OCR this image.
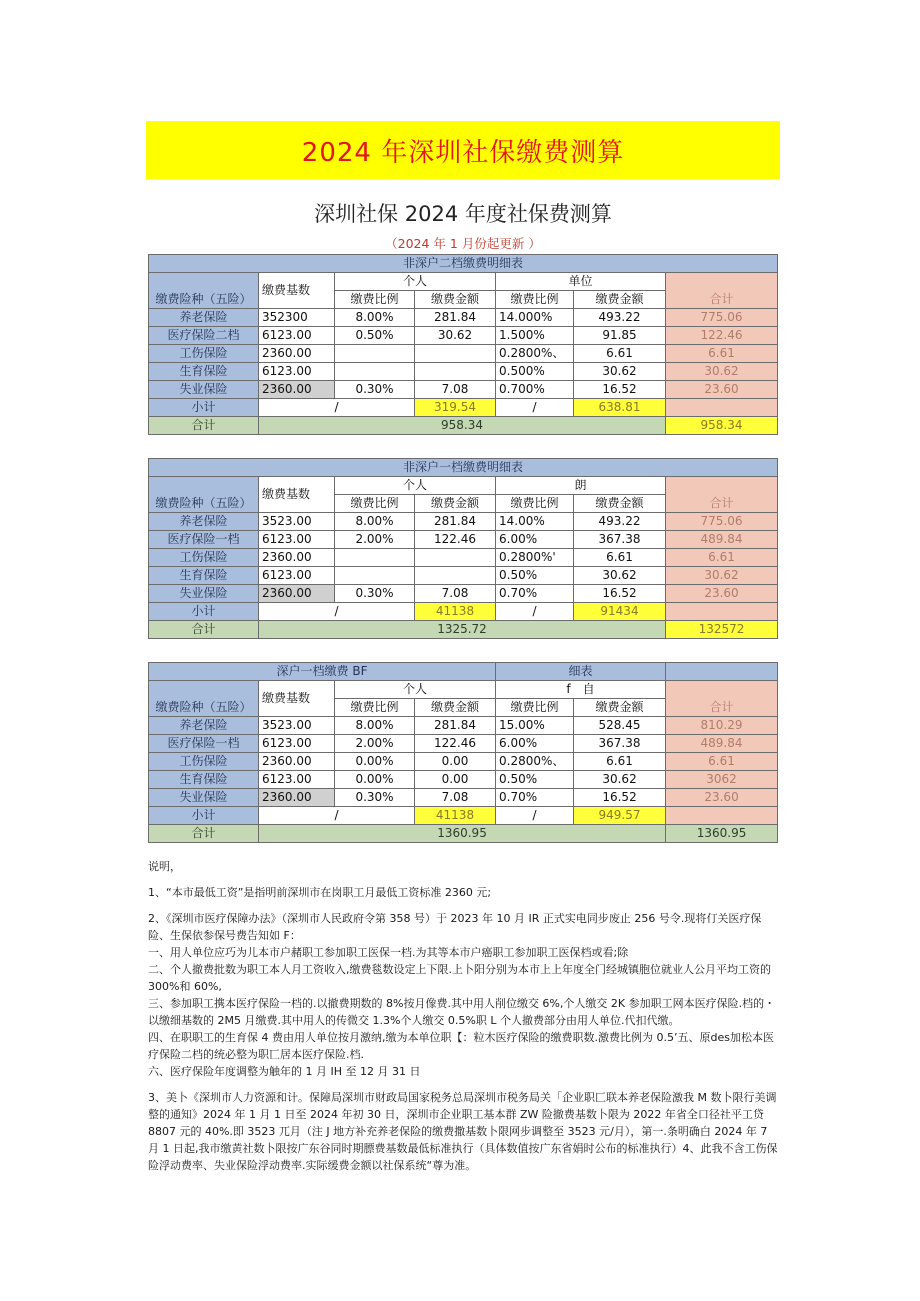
2024 年深圳社保缴费测算
深圳社保 2024 年度社保费测算
（2024 年 1 月份起更新 ）
非深户二档缴费明细表						
缴费险种（五险）	缴费基数	个人		单位		合计
		缴费比例	缴费金额	缴费比例	缴费金额	
养老保险	352300	8.00%	281.84	14.000%	493.22	775.06
医疗保险二档	6123.00	0.50%	30.62	1.500%	91.85	122.46
工伤保险	2360.00			0.2800%、	6.61	6.61
生育保险	6123.00			0.500%	30.62	30.62
失业保险	2360.00	0.30%	7.08	0.700%	16.52	23.60
小计	/		319.54	/	638.81	
合计	958.34					958.34
非深户一档缴费明细表						
缴费险种（五险）	缴费基数	个人		朗		合计
		缴费比例	缴费金额	缴费比例	缴费金额	
养老保险	3523.00	8.00%	281.84	14.00%	493.22	775.06
医疗保险一档	6123.00	2.00%	122.46	6.00%	367.38	489.84
工伤保险	2360.00			0.2800%'	6.61	6.61
生育保险	6123.00			0.50%	30.62	30.62
失业保险	2360.00	0.30%	7.08	0.70%	16.52	23.60
小计	/		41138	/	91434	
合计	1325.72					132572
深户一档缴费 BF				细表		
缴费险种（五险）	缴费基数	个人		f　自		合计
		缴费比例	缴费金额	缴费比例	缴费金额	
养老保险	3523.00	8.00%	281.84	15.00%	528.45	810.29
医疗保险一档	6123.00	2.00%	122.46	6.00%	367.38	489.84
工伤保险	2360.00	0.00%	0.00	0.2800%、	6.61	6.61
生育保险	6123.00	0.00%	0.00	0.50%	30.62	3062
失业保险	2360.00	0.30%	7.08	0.70%	16.52	23.60
小计	/		41138	/	949.57	
合计	1360.95					1360.95

说明，

1、“本市最低工资”是指明前深圳市在岗职工月最低工资标准 2360 元;

2、《深圳市医疗保障办法》（深圳市人民政府令第 358 号）于 2023 年 10 月 IR 正式实电同步废止 256 号令.现将仃关医疗保险、生保依参保号费告知如 F：

一、用人单位应巧为儿本市户赭职工参加职工医保一档.为其等本市户癌职工参加职工医保档或看;除

二、个人撤费批数为职工本人月工资收入,缴费毯数设定上下限.上卜阳分别为本市上上年度全门经城镇胞位就业人公月平均工资的 300%和 60%,

三、参加职工携本医疗保险一档的.以撤费期数的 8%按月像费.其中用人削位缴交 6%,个人缴交 2K 参加职工网本医疗保险.档的・以缴细基数的 2M5 月缴费.其中用人的传微交 1.3%个人缴交 0.5%职 L 个人撤费部分由用人单位.代扣代缴。

四、在职职工的生育保 4 费由用人单位按月激纳,缴为本单位职【：粒木医疗保险的缴费职数.激费比例为 0.5’五、原des加松本医疗保险二档的统必整为职匸居本医疗保险.档.

六、医疗保险年度调整为触年的 1 月 IH 至 12 月 31 日

3、美卜《深圳市人力资源和计。保障局深圳市财政局国家税务总局深圳市税务局关「企业职匚联本养老保险激我 M 数卜限行美调整的通知》2024 年 1 月 1 日至 2024 年初 30 日，深圳市企业职工基本群 ZW 险撤费基数卜限为 2022 年省全口径社平工贷 8807 元的 40%.即 3523 兀月（注 J 地方补充养老保险的缴费撒基数卜限网步调整至 3523 元/月），第一.条明确白 2024 年 7 月 1 日起,我市缴黄社数卜限按广东谷同时期膘费基数最低标准执行（具体数值按广东省娟时公布的标准执行）4、此我不含工伤保险浮动费率、失业保险浮动费率.实际缓费金额以社保系统“尊为准。
